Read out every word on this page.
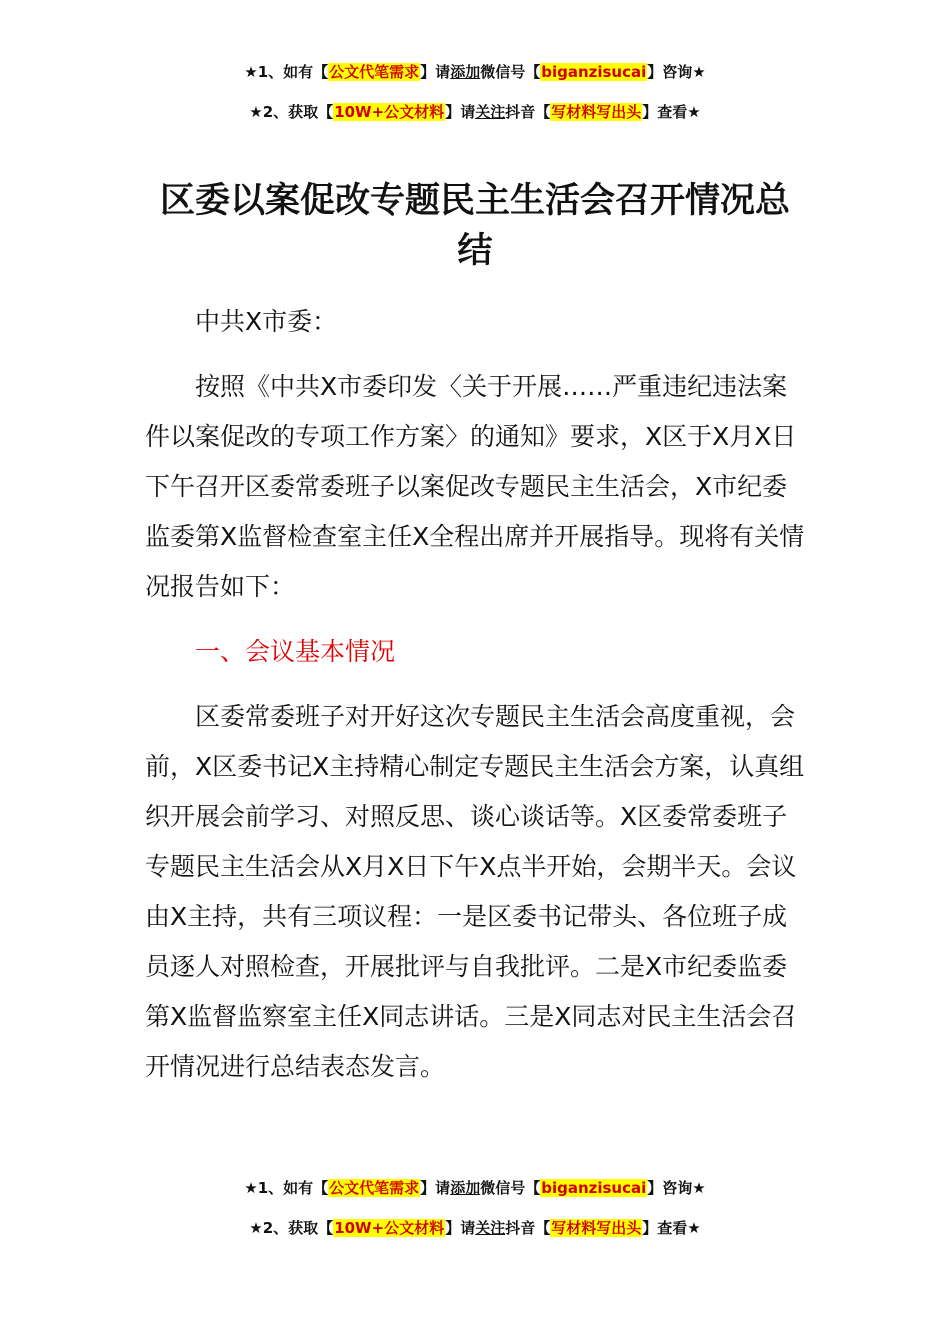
★1、如有【公文代笔需求】请添加微信号【biganzisucai】咨询★
★2、获取【10W+公文材料】请关注抖音【写材料写出头】查看★
区委以案促改专题民主生活会召开情况总结
中共X市委：

按照《中共X市委印发〈关于开展……严重违纪违法案件以案促改的专项工作方案〉的通知》要求，X区于X月X日下午召开区委常委班子以案促改专题民主生活会，X市纪委监委第X监督检查室主任X全程出席并开展指导。现将有关情况报告如下：

一、会议基本情况

区委常委班子对开好这次专题民主生活会高度重视，会前，X区委书记X主持精心制定专题民主生活会方案，认真组织开展会前学习、对照反思、谈心谈话等。X区委常委班子专题民主生活会从X月X日下午X点半开始，会期半天。会议由X主持，共有三项议程：一是区委书记带头、各位班子成员逐人对照检查，开展批评与自我批评。二是X市纪委监委第X监督监察室主任X同志讲话。三是X同志对民主生活会召开情况进行总结表态发言。

★1、如有【公文代笔需求】请添加微信号【biganzisucai】咨询★
★2、获取【10W+公文材料】请关注抖音【写材料写出头】查看★
